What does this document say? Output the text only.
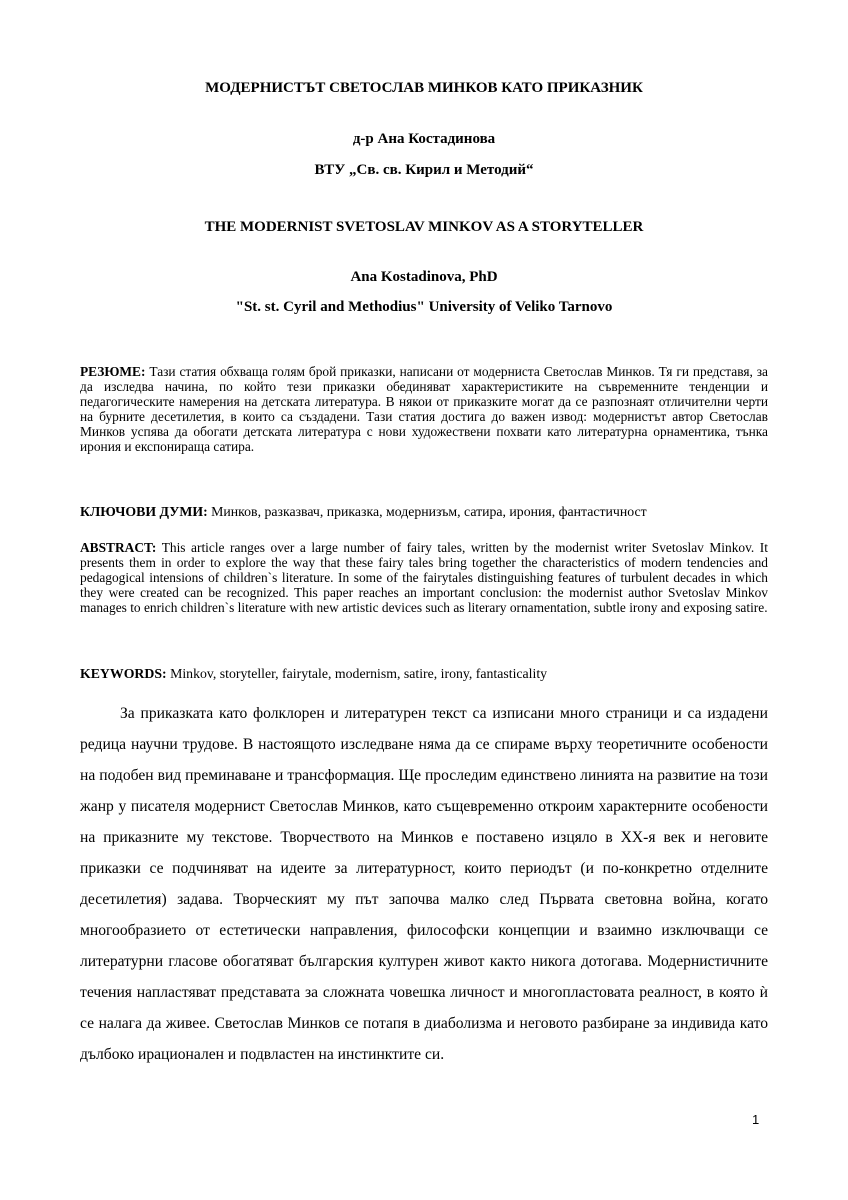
МОДЕРНИСТЪТ СВЕТОСЛАВ МИНКОВ КАТО ПРИКАЗНИК
д-р Ана Костадинова
ВТУ „Св. св. Кирил и Методий“
THE MODERNIST SVETOSLAV MINKOV AS A STORYTELLER
Ana Kostadinova, PhD
"St. st. Cyril and Methodius" University of Veliko Tarnovo
РЕЗЮМЕ: Тази статия обхваща голям брой приказки, написани от модерниста Светослав Минков. Тя ги представя, за да изследва начина, по който тези приказки обединяват характеристиките на съвременните тенденции и педагогическите намерения на детската литература. В някои от приказките могат да се разпознаят отличителни черти на бурните десетилетия, в които са създадени. Тази статия достига до важен извод: модернистът автор Светослав Минков успява да обогати детската литература с нови художествени похвати като литературна орнаментика, тънка ирония и експониращa сатира.
КЛЮЧОВИ ДУМИ: Минков, разказвач, приказка, модернизъм, сатира, ирония, фантастичност
ABSTRACT: This article ranges over a large number of fairy tales, written by the modernist writer Svetoslav Minkov. It presents them in order to explore the way that these fairy tales bring together the characteristics of modern tendencies and pedagogical intensions of children`s literature. In some of the fairytales distinguishing features of turbulent decades in which they were created can be recognized. This paper reaches an important conclusion: the modernist author Svetoslav Minkov manages to enrich children`s literature with new artistic devices such as literary ornamentation, subtle irony and exposing satire.
KEYWORDS: Minkov, storyteller, fairytale, modernism, satire, irony, fantasticality

За приказката като фолклорен и литературен текст са изписани много страници и са издадени редица научни трудове. В настоящото изследване няма да се спираме върху теоретичните особености на подобен вид преминаване и трансформация. Ще проследим единствено линията на развитие на този жанр у писателя модернист Светослав Минков, като същевременно откроим характерните особености на приказните му текстове. Творчеството на Минков е поставено изцяло в ХХ-я век и неговите приказки се подчиняват на идеите за литературност, които периодът (и по-конкретно отделните десетилетия) задава. Творческият му път започва малко след Първата световна война, когато многообразието от естетически направления, философски концепции и взаимно изключващи се литературни гласове обогатяват българския културен живот както никога дотогава. Модернистичните течения напластяват представата за сложната човешка личност и многопластовата реалност, в която ѝ се налага да живее. Светослав Минков се потапя в диаболизма и неговото разбиране за индивида като дълбоко ирационален и подвластен на инстинктите си.

1
